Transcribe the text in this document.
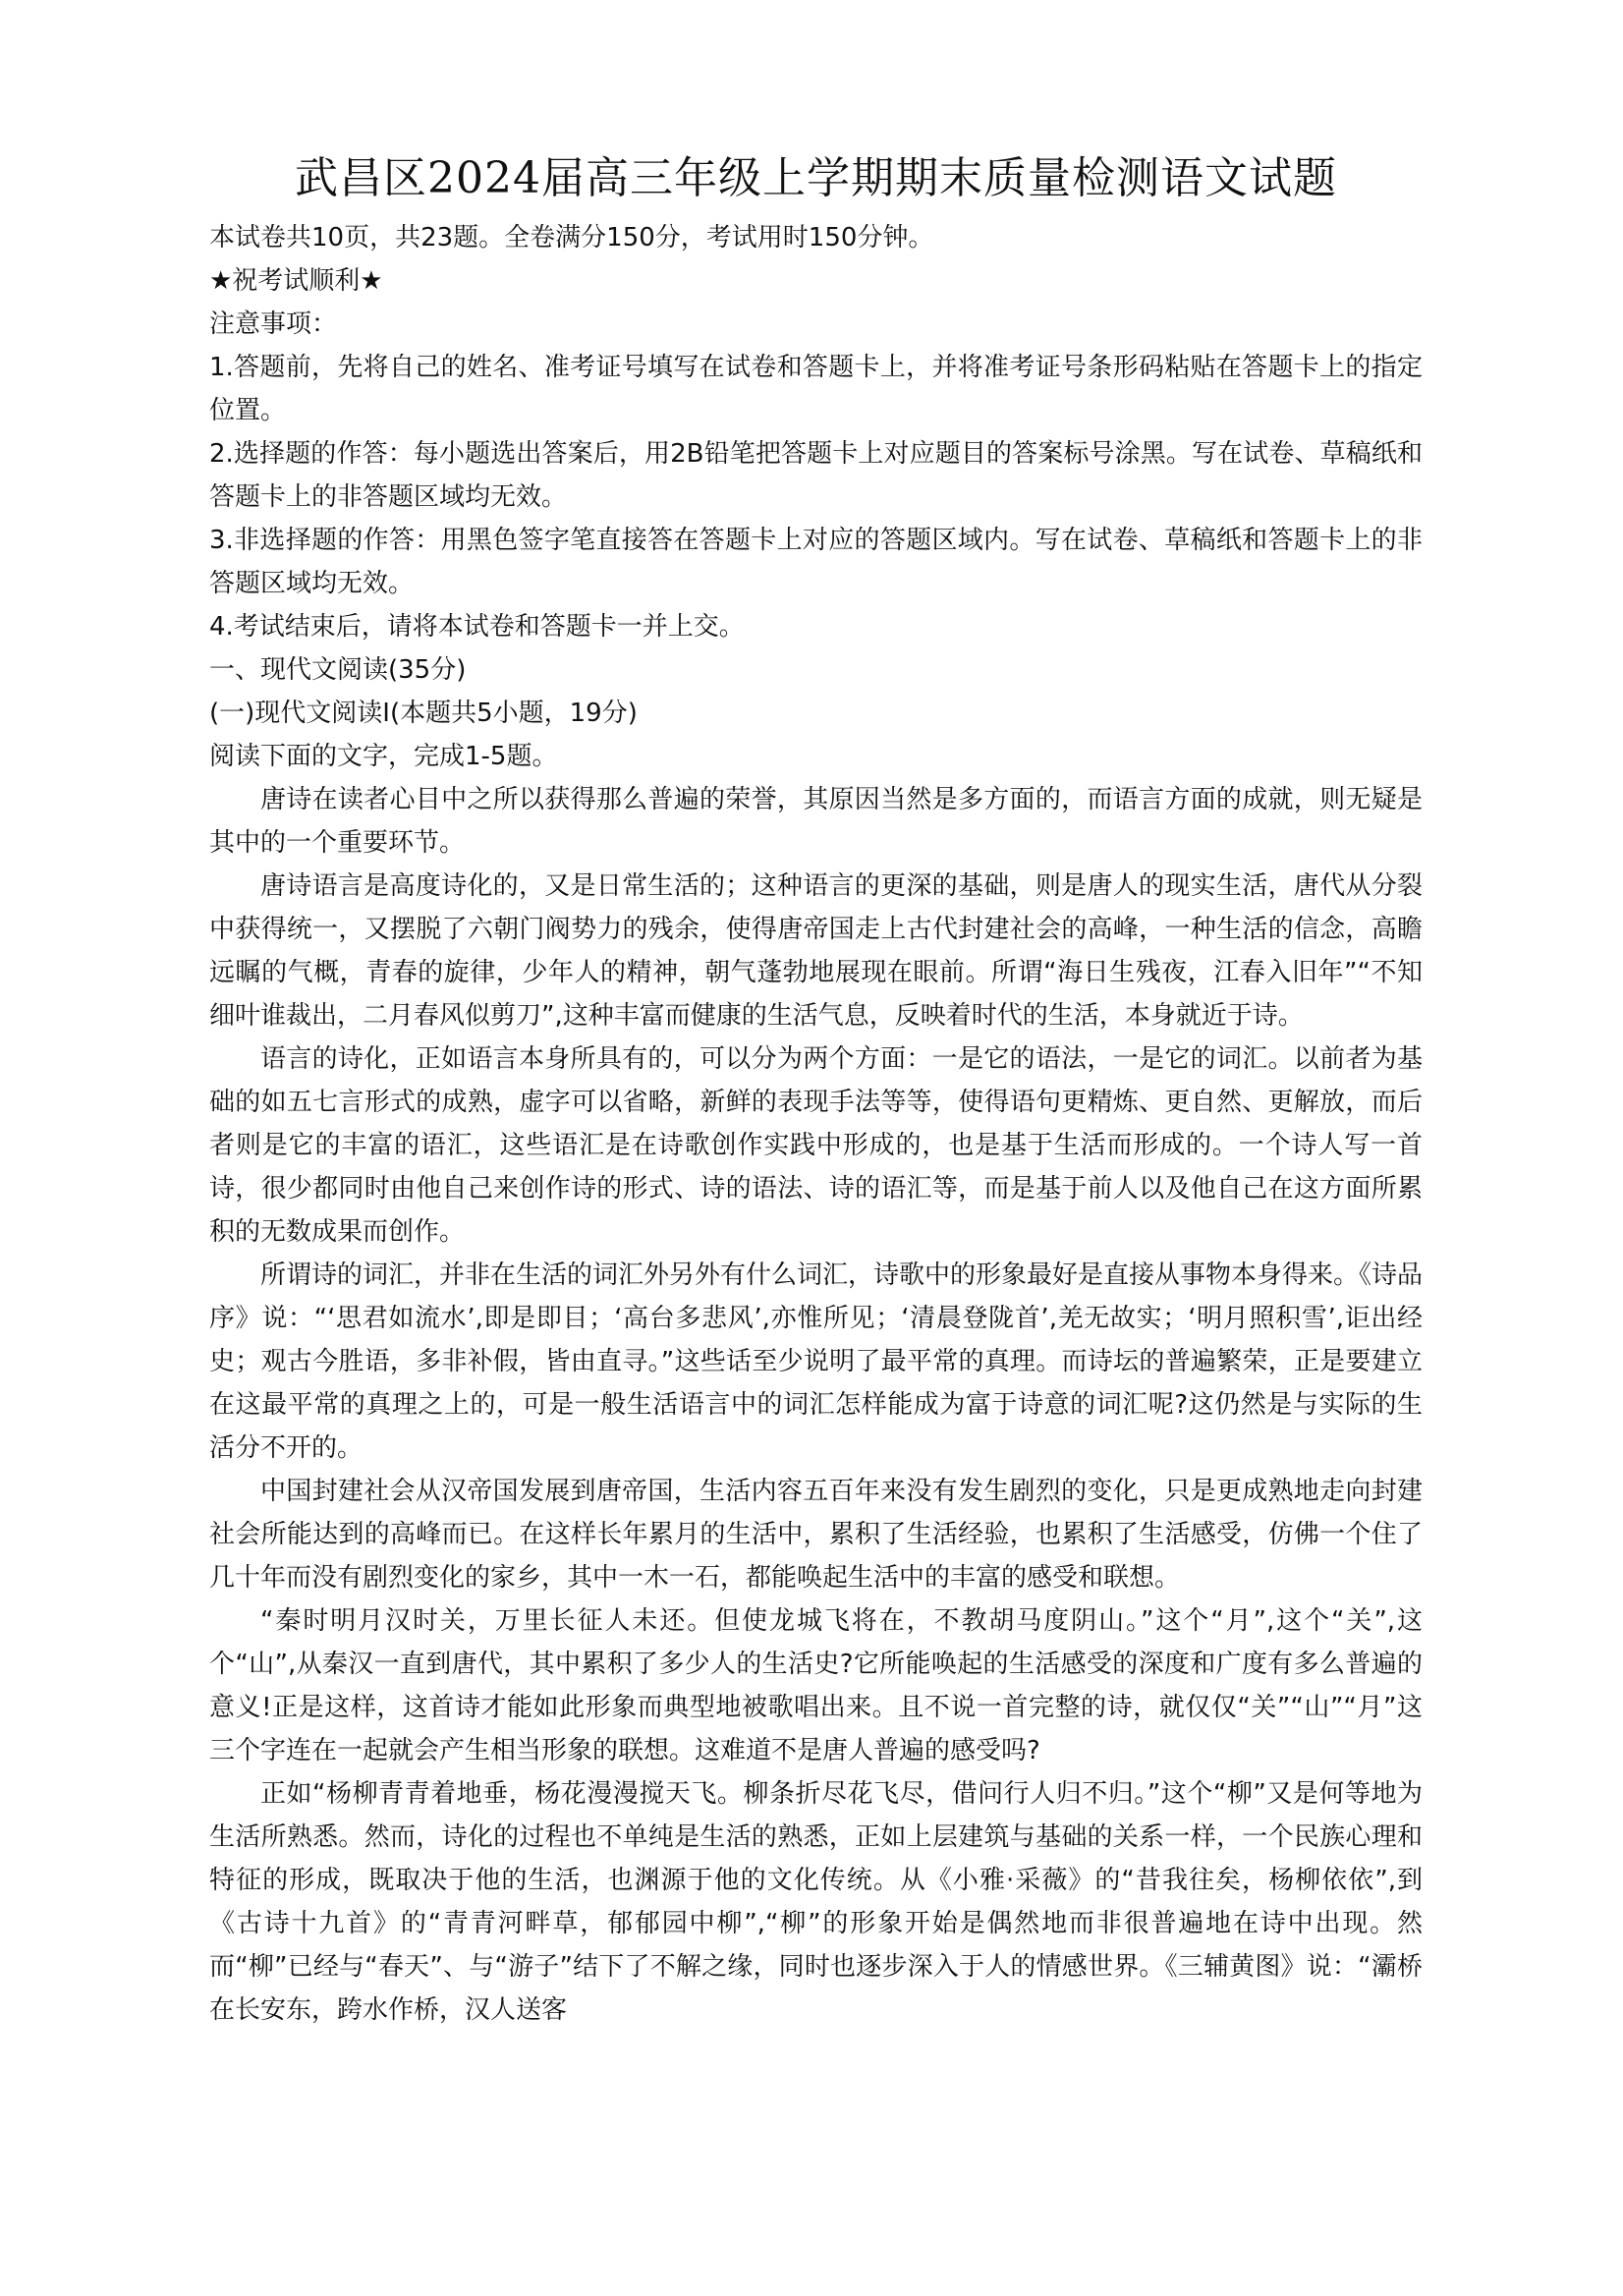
武昌区2024届高三年级上学期期末质量检测语文试题

本试卷共10页，共23题。全卷满分150分，考试用时150分钟。

★祝考试顺利★

注意事项：

1.答题前，先将自己的姓名、准考证号填写在试卷和答题卡上，并将准考证号条形码粘贴在答题卡上的指定位置。

2.选择题的作答：每小题选出答案后，用2B铅笔把答题卡上对应题目的答案标号涂黑。写在试卷、草稿纸和答题卡上的非答题区域均无效。

3.非选择题的作答：用黑色签字笔直接答在答题卡上对应的答题区域内。写在试卷、草稿纸和答题卡上的非答题区域均无效。

4.考试结束后，请将本试卷和答题卡一并上交。

一、现代文阅读(35分)

(一)现代文阅读I(本题共5小题，19分)

阅读下面的文字，完成1-5题。

唐诗在读者心目中之所以获得那么普遍的荣誉，其原因当然是多方面的，而语言方面的成就，则无疑是其中的一个重要环节。

唐诗语言是高度诗化的，又是日常生活的；这种语言的更深的基础，则是唐人的现实生活，唐代从分裂中获得统一，又摆脱了六朝门阀势力的残余，使得唐帝国走上古代封建社会的高峰，一种生活的信念，高瞻远瞩的气概，青春的旋律，少年人的精神，朝气蓬勃地展现在眼前。所谓“海日生残夜，江春入旧年”“不知细叶谁裁出，二月春风似剪刀”,这种丰富而健康的生活气息，反映着时代的生活，本身就近于诗。

语言的诗化，正如语言本身所具有的，可以分为两个方面：一是它的语法，一是它的词汇。以前者为基础的如五七言形式的成熟，虚字可以省略，新鲜的表现手法等等，使得语句更精炼、更自然、更解放，而后者则是它的丰富的语汇，这些语汇是在诗歌创作实践中形成的，也是基于生活而形成的。一个诗人写一首诗，很少都同时由他自己来创作诗的形式、诗的语法、诗的语汇等，而是基于前人以及他自己在这方面所累积的无数成果而创作。

所谓诗的词汇，并非在生活的词汇外另外有什么词汇，诗歌中的形象最好是直接从事物本身得来。《诗品序》说：“‘思君如流水’,即是即目；‘高台多悲风’,亦惟所见；‘清晨登陇首’,羌无故实；‘明月照积雪’,讵出经史；观古今胜语，多非补假，皆由直寻。”这些话至少说明了最平常的真理。而诗坛的普遍繁荣，正是要建立在这最平常的真理之上的，可是一般生活语言中的词汇怎样能成为富于诗意的词汇呢?这仍然是与实际的生活分不开的。

中国封建社会从汉帝国发展到唐帝国，生活内容五百年来没有发生剧烈的变化，只是更成熟地走向封建社会所能达到的高峰而已。在这样长年累月的生活中，累积了生活经验，也累积了生活感受，仿佛一个住了几十年而没有剧烈变化的家乡，其中一木一石，都能唤起生活中的丰富的感受和联想。

“秦时明月汉时关，万里长征人未还。但使龙城飞将在，不教胡马度阴山。”这个“月”,这个“关”,这个“山”,从秦汉一直到唐代，其中累积了多少人的生活史?它所能唤起的生活感受的深度和广度有多么普遍的意义!正是这样，这首诗才能如此形象而典型地被歌唱出来。且不说一首完整的诗，就仅仅“关”“山”“月”这三个字连在一起就会产生相当形象的联想。这难道不是唐人普遍的感受吗?

正如“杨柳青青着地垂，杨花漫漫搅天飞。柳条折尽花飞尽，借问行人归不归。”这个“柳”又是何等地为生活所熟悉。然而，诗化的过程也不单纯是生活的熟悉，正如上层建筑与基础的关系一样，一个民族心理和特征的形成，既取决于他的生活，也渊源于他的文化传统。从《小雅·采薇》的“昔我往矣，杨柳依依”,到《古诗十九首》的“青青河畔草，郁郁园中柳”,“柳”的形象开始是偶然地而非很普遍地在诗中出现。然而“柳”已经与“春天”、与“游子”结下了不解之缘，同时也逐步深入于人的情感世界。《三辅黄图》说：“灞桥在长安东，跨水作桥，汉人送客
